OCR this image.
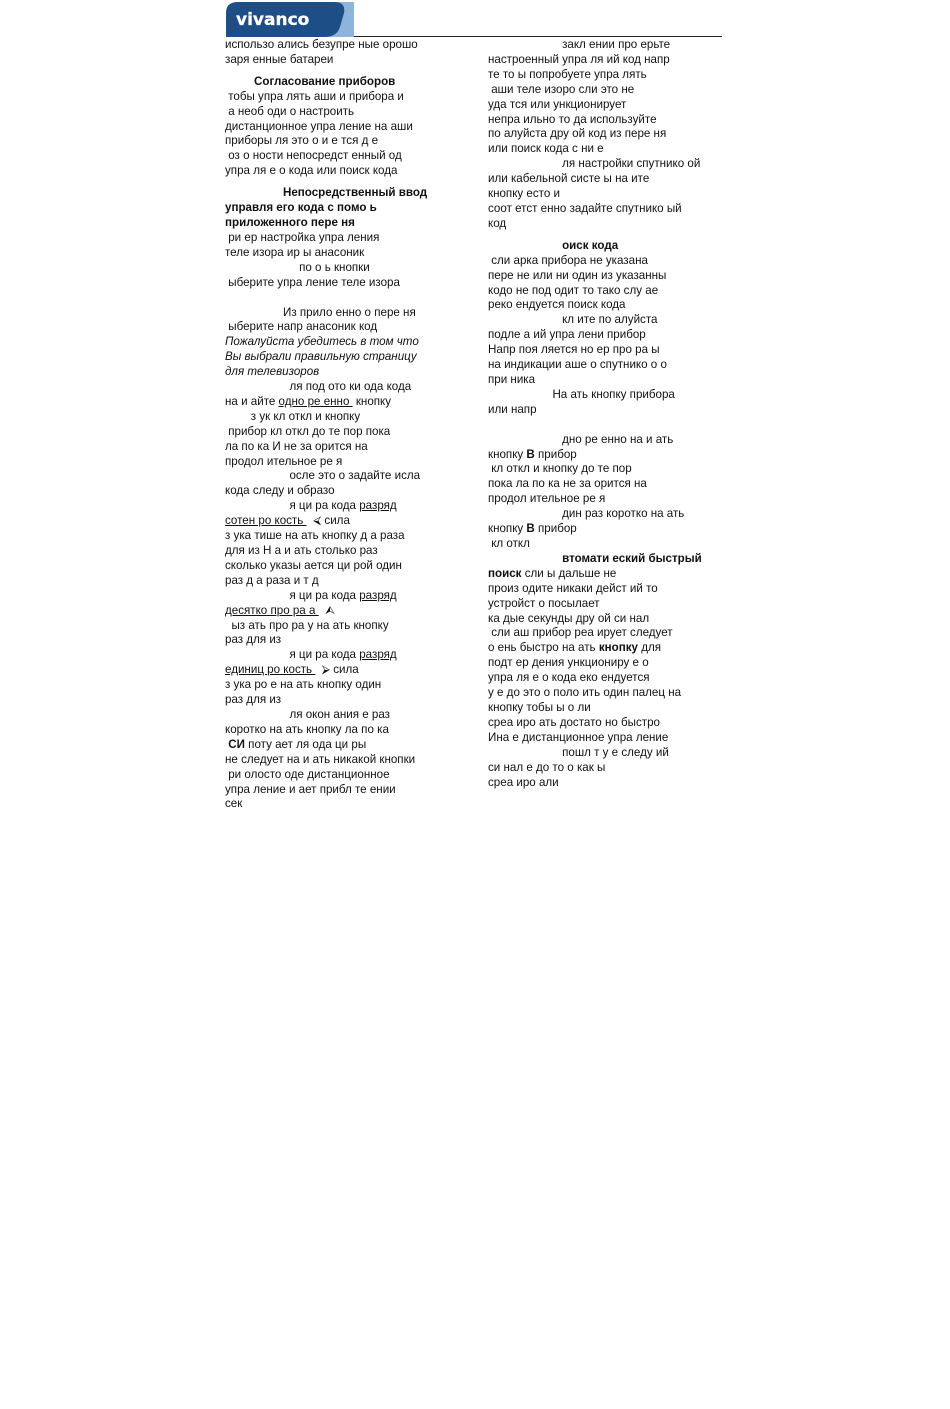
vivanco

использо ались безупре ные орошо

заря енные батареи

Согласование приборов

тобы упра лять аши и прибора и

а необ оди о настроить

дистанционное упра ление на аши

приборы ля это о и е тся д е

оз о ности непосредст енный од

упра ля е о кода или поиск кода

Непосредственный ввод

управля его кода с помо ь

приложенного пере ня

ри ер настройка упра ления

теле изора ир ы анасоник

по о ь кнопки

ыберите упра ление теле изора

Из прило енно о пере ня

ыберите напр анасоник код

Пожалуйста убедитесь в том что

Вы выбрали правильную страницу

для телевизоров

ля под ото ки ода кода

на и айте одно ре енно  кнопку

з ук кл откл и кнопку

прибор кл откл до те пор пока

ла по ка И не за орится на

продол ительное ре я

осле это о задайте исла

кода следу и образо

я ци ра кода разряд

сотен ро кость   ⮘ сила

з ука тише на ать кнопку д а раза

для из Н а и ать столько раз

сколько указы ается ци рой один

раз д а раза и т д

я ци ра кода разряд

десятко про ра а   ⮙

ыз ать про ра у на ать кнопку

раз для из

я ци ра кода разряд

единиц ро кость   ⮚ сила

з ука ро е на ать кнопку один

раз для из

ля окон ания е раз

коротко на ать кнопку ла по ка

СИ поту ает ля ода ци ры

не следует на и ать никакой кнопки

ри олосто оде дистанционное

упра ление и ает прибл те ении

сек

закл ении про ерьте

настроенный упра ля ий код напр

те то ы попробуете упра лять

аши теле изоро сли это не

уда тся или ункционирует

непра ильно то да используйте

по алуйста дру ой код из пере ня

или поиск кода с ни е

ля настройки спутнико ой

или кабельной систе ы на ите

кнопку есто и

соот етст енно задайте спутнико ый

код

оиск кода

сли арка прибора не указана

пере не или ни один из указанны

кодо не под одит то тако слу ае

реко ендуется поиск кода

кл ите по алуйста

подле а ий упра лени прибор

Напр поя ляется но ер про ра ы

на индикации аше о спутнико о о

при ника

На ать кнопку прибора

или напр

дно ре енно на и ать

кнопку В прибор

кл откл и кнопку до те пор

пока ла по ка не за орится на

продол ительное ре я

дин раз коротко на ать

кнопку В прибор

кл откл

втомати еский быстрый

поиск сли ы дальше не

произ одите никаки дейст ий то

устройст о посылает

ка дые секунды дру ой си нал

сли аш прибор реа ирует следует

о ень быстро на ать кнопку для

подт ер дения ункциониру е о

упра ля е о кода еко ендуется

у е до это о поло ить один палец на

кнопку тобы ы о ли

среа иро ать достато но быстро

Ина е дистанционное упра ление

пошл т у е следу ий

си нал е до то о как ы

среа иро али
